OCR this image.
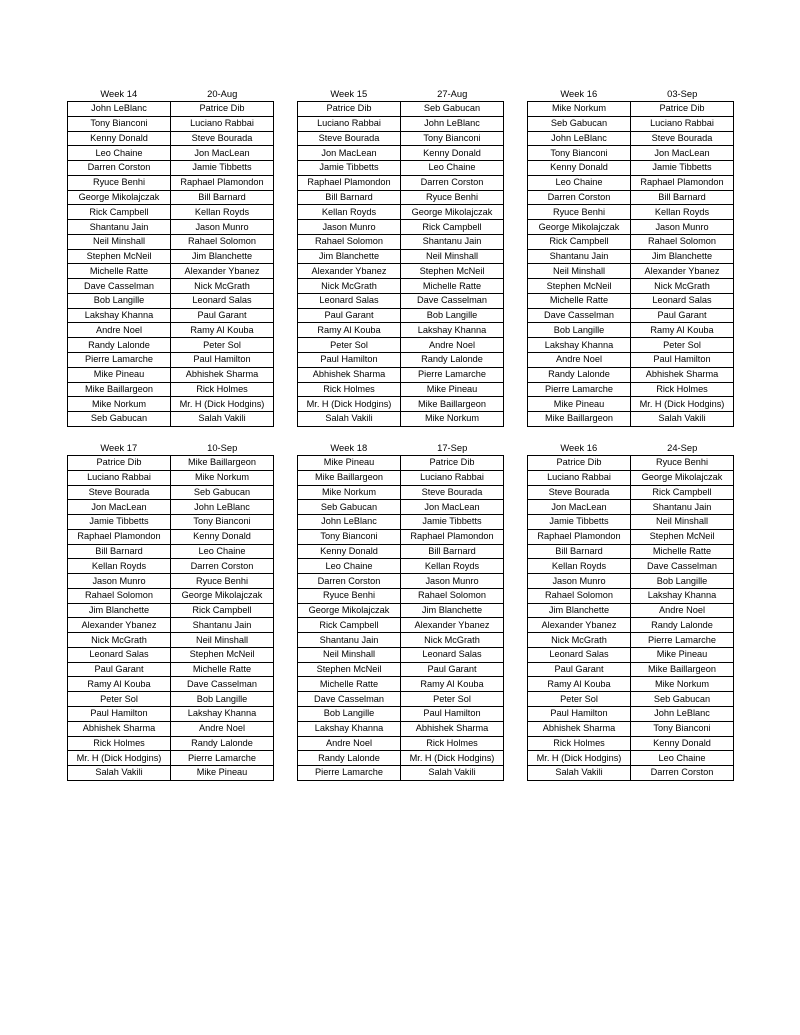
Week 14	20-Aug
John LeBlanc	Patrice Dib
Tony Bianconi	Luciano Rabbai
Kenny Donald	Steve Bourada
Leo Chaine	Jon MacLean
Darren Corston	Jamie Tibbetts
Ryuce Benhi	Raphael Plamondon
George Mikolajczak	Bill Barnard
Rick Campbell	Kellan Royds
Shantanu Jain	Jason Munro
Neil Minshall	Rahael Solomon
Stephen McNeil	Jim Blanchette
Michelle Ratte	Alexander Ybanez
Dave Casselman	Nick McGrath
Bob Langille	Leonard Salas
Lakshay Khanna	Paul Garant
Andre Noel	Ramy Al Kouba
Randy Lalonde	Peter Sol
Pierre Lamarche	Paul Hamilton
Mike Pineau	Abhishek Sharma
Mike Baillargeon	Rick Holmes
Mike Norkum	Mr. H (Dick Hodgins)
Seb Gabucan	Salah Vakili
Week 15	27-Aug
Patrice Dib	Seb Gabucan
Luciano Rabbai	John LeBlanc
Steve Bourada	Tony Bianconi
Jon MacLean	Kenny Donald
Jamie Tibbetts	Leo Chaine
Raphael Plamondon	Darren Corston
Bill Barnard	Ryuce Benhi
Kellan Royds	George Mikolajczak
Jason Munro	Rick Campbell
Rahael Solomon	Shantanu Jain
Jim Blanchette	Neil Minshall
Alexander Ybanez	Stephen McNeil
Nick McGrath	Michelle Ratte
Leonard Salas	Dave Casselman
Paul Garant	Bob Langille
Ramy Al Kouba	Lakshay Khanna
Peter Sol	Andre Noel
Paul Hamilton	Randy Lalonde
Abhishek Sharma	Pierre Lamarche
Rick Holmes	Mike Pineau
Mr. H (Dick Hodgins)	Mike Baillargeon
Salah Vakili	Mike Norkum
Week 16	03-Sep
Mike Norkum	Patrice Dib
Seb Gabucan	Luciano Rabbai
John LeBlanc	Steve Bourada
Tony Bianconi	Jon MacLean
Kenny Donald	Jamie Tibbetts
Leo Chaine	Raphael Plamondon
Darren Corston	Bill Barnard
Ryuce Benhi	Kellan Royds
George Mikolajczak	Jason Munro
Rick Campbell	Rahael Solomon
Shantanu Jain	Jim Blanchette
Neil Minshall	Alexander Ybanez
Stephen McNeil	Nick McGrath
Michelle Ratte	Leonard Salas
Dave Casselman	Paul Garant
Bob Langille	Ramy Al Kouba
Lakshay Khanna	Peter Sol
Andre Noel	Paul Hamilton
Randy Lalonde	Abhishek Sharma
Pierre Lamarche	Rick Holmes
Mike Pineau	Mr. H (Dick Hodgins)
Mike Baillargeon	Salah Vakili
Week 17	10-Sep
Patrice Dib	Mike Baillargeon
Luciano Rabbai	Mike Norkum
Steve Bourada	Seb Gabucan
Jon MacLean	John LeBlanc
Jamie Tibbetts	Tony Bianconi
Raphael Plamondon	Kenny Donald
Bill Barnard	Leo Chaine
Kellan Royds	Darren Corston
Jason Munro	Ryuce Benhi
Rahael Solomon	George Mikolajczak
Jim Blanchette	Rick Campbell
Alexander Ybanez	Shantanu Jain
Nick McGrath	Neil Minshall
Leonard Salas	Stephen McNeil
Paul Garant	Michelle Ratte
Ramy Al Kouba	Dave Casselman
Peter Sol	Bob Langille
Paul Hamilton	Lakshay Khanna
Abhishek Sharma	Andre Noel
Rick Holmes	Randy Lalonde
Mr. H (Dick Hodgins)	Pierre Lamarche
Salah Vakili	Mike Pineau
Week 18	17-Sep
Mike Pineau	Patrice Dib
Mike Baillargeon	Luciano Rabbai
Mike Norkum	Steve Bourada
Seb Gabucan	Jon MacLean
John LeBlanc	Jamie Tibbetts
Tony Bianconi	Raphael Plamondon
Kenny Donald	Bill Barnard
Leo Chaine	Kellan Royds
Darren Corston	Jason Munro
Ryuce Benhi	Rahael Solomon
George Mikolajczak	Jim Blanchette
Rick Campbell	Alexander Ybanez
Shantanu Jain	Nick McGrath
Neil Minshall	Leonard Salas
Stephen McNeil	Paul Garant
Michelle Ratte	Ramy Al Kouba
Dave Casselman	Peter Sol
Bob Langille	Paul Hamilton
Lakshay Khanna	Abhishek Sharma
Andre Noel	Rick Holmes
Randy Lalonde	Mr. H (Dick Hodgins)
Pierre Lamarche	Salah Vakili
Week 16	24-Sep
Patrice Dib	Ryuce Benhi
Luciano Rabbai	George Mikolajczak
Steve Bourada	Rick Campbell
Jon MacLean	Shantanu Jain
Jamie Tibbetts	Neil Minshall
Raphael Plamondon	Stephen McNeil
Bill Barnard	Michelle Ratte
Kellan Royds	Dave Casselman
Jason Munro	Bob Langille
Rahael Solomon	Lakshay Khanna
Jim Blanchette	Andre Noel
Alexander Ybanez	Randy Lalonde
Nick McGrath	Pierre Lamarche
Leonard Salas	Mike Pineau
Paul Garant	Mike Baillargeon
Ramy Al Kouba	Mike Norkum
Peter Sol	Seb Gabucan
Paul Hamilton	John LeBlanc
Abhishek Sharma	Tony Bianconi
Rick Holmes	Kenny Donald
Mr. H (Dick Hodgins)	Leo Chaine
Salah Vakili	Darren Corston
